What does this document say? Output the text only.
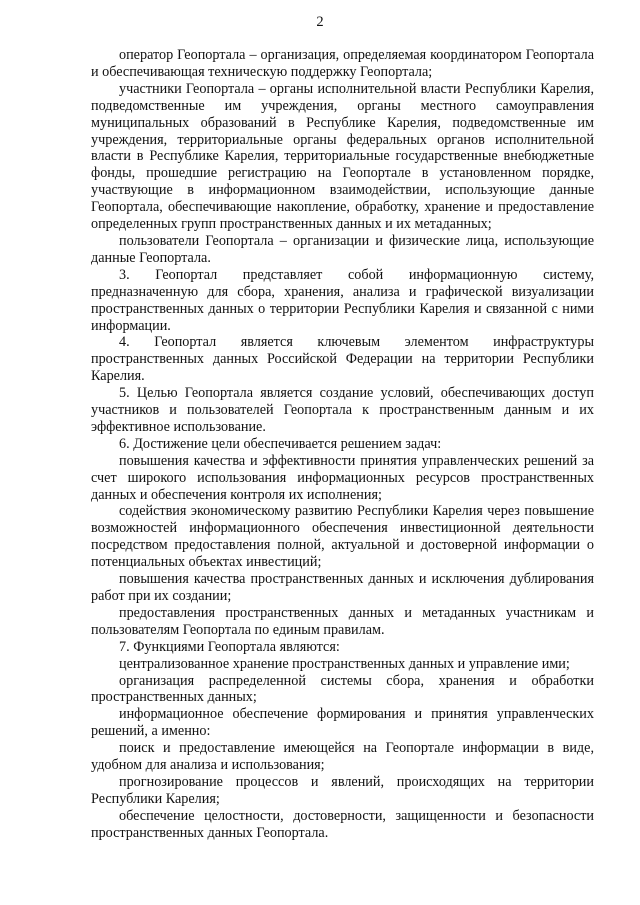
2

оператор Геопортала – организация, определяемая координатором Геопортала и обеспечивающая техническую поддержку Геопортала;

участники Геопортала – органы исполнительной власти Республики Карелия, подведомственные им учреждения, органы местного самоуправления муниципальных образований в Республике Карелия, подведомственные им учреждения, территориальные органы федеральных органов исполнительной власти в Республике Карелия, территориальные государственные внебюджетные фонды, прошедшие регистрацию на Геопортале в установленном порядке, участвующие в информационном взаимодействии, использующие данные Геопортала, обеспечивающие накопление, обработку, хранение и предоставление определенных групп пространственных данных и их метаданных;

пользователи Геопортала – организации и физические лица, использующие данные Геопортала.

3. Геопортал представляет собой информационную систему, предназначенную для сбора, хранения, анализа и графической визуализации пространственных данных о территории Республики Карелия и связанной с ними информации.

4. Геопортал является ключевым элементом инфраструктуры пространственных данных Российской Федерации на территории Республики Карелия.

5. Целью Геопортала является создание условий, обеспечивающих доступ участников и пользователей Геопортала к пространственным данным и их эффективное использование.

6. Достижение цели обеспечивается решением задач:

повышения качества и эффективности принятия управленческих решений за счет широкого использования информационных ресурсов пространственных данных и обеспечения контроля их исполнения;

содействия экономическому развитию Республики Карелия через повышение возможностей информационного обеспечения инвестиционной деятельности посредством предоставления полной, актуальной и достоверной информации о потенциальных объектах инвестиций;

повышения качества пространственных данных и исключения дублирования работ при их создании;

предоставления пространственных данных и метаданных участникам и пользователям Геопортала по единым правилам.

7. Функциями Геопортала являются:

централизованное хранение пространственных данных и управление ими;

организация распределенной системы сбора, хранения и обработки пространственных данных;

информационное обеспечение формирования и принятия управленческих решений, а именно:

поиск и предоставление имеющейся на Геопортале информации в виде, удобном для анализа и использования;

прогнозирование процессов и явлений, происходящих на территории Республики Карелия;

обеспечение целостности, достоверности, защищенности и безопасности пространственных данных Геопортала.
